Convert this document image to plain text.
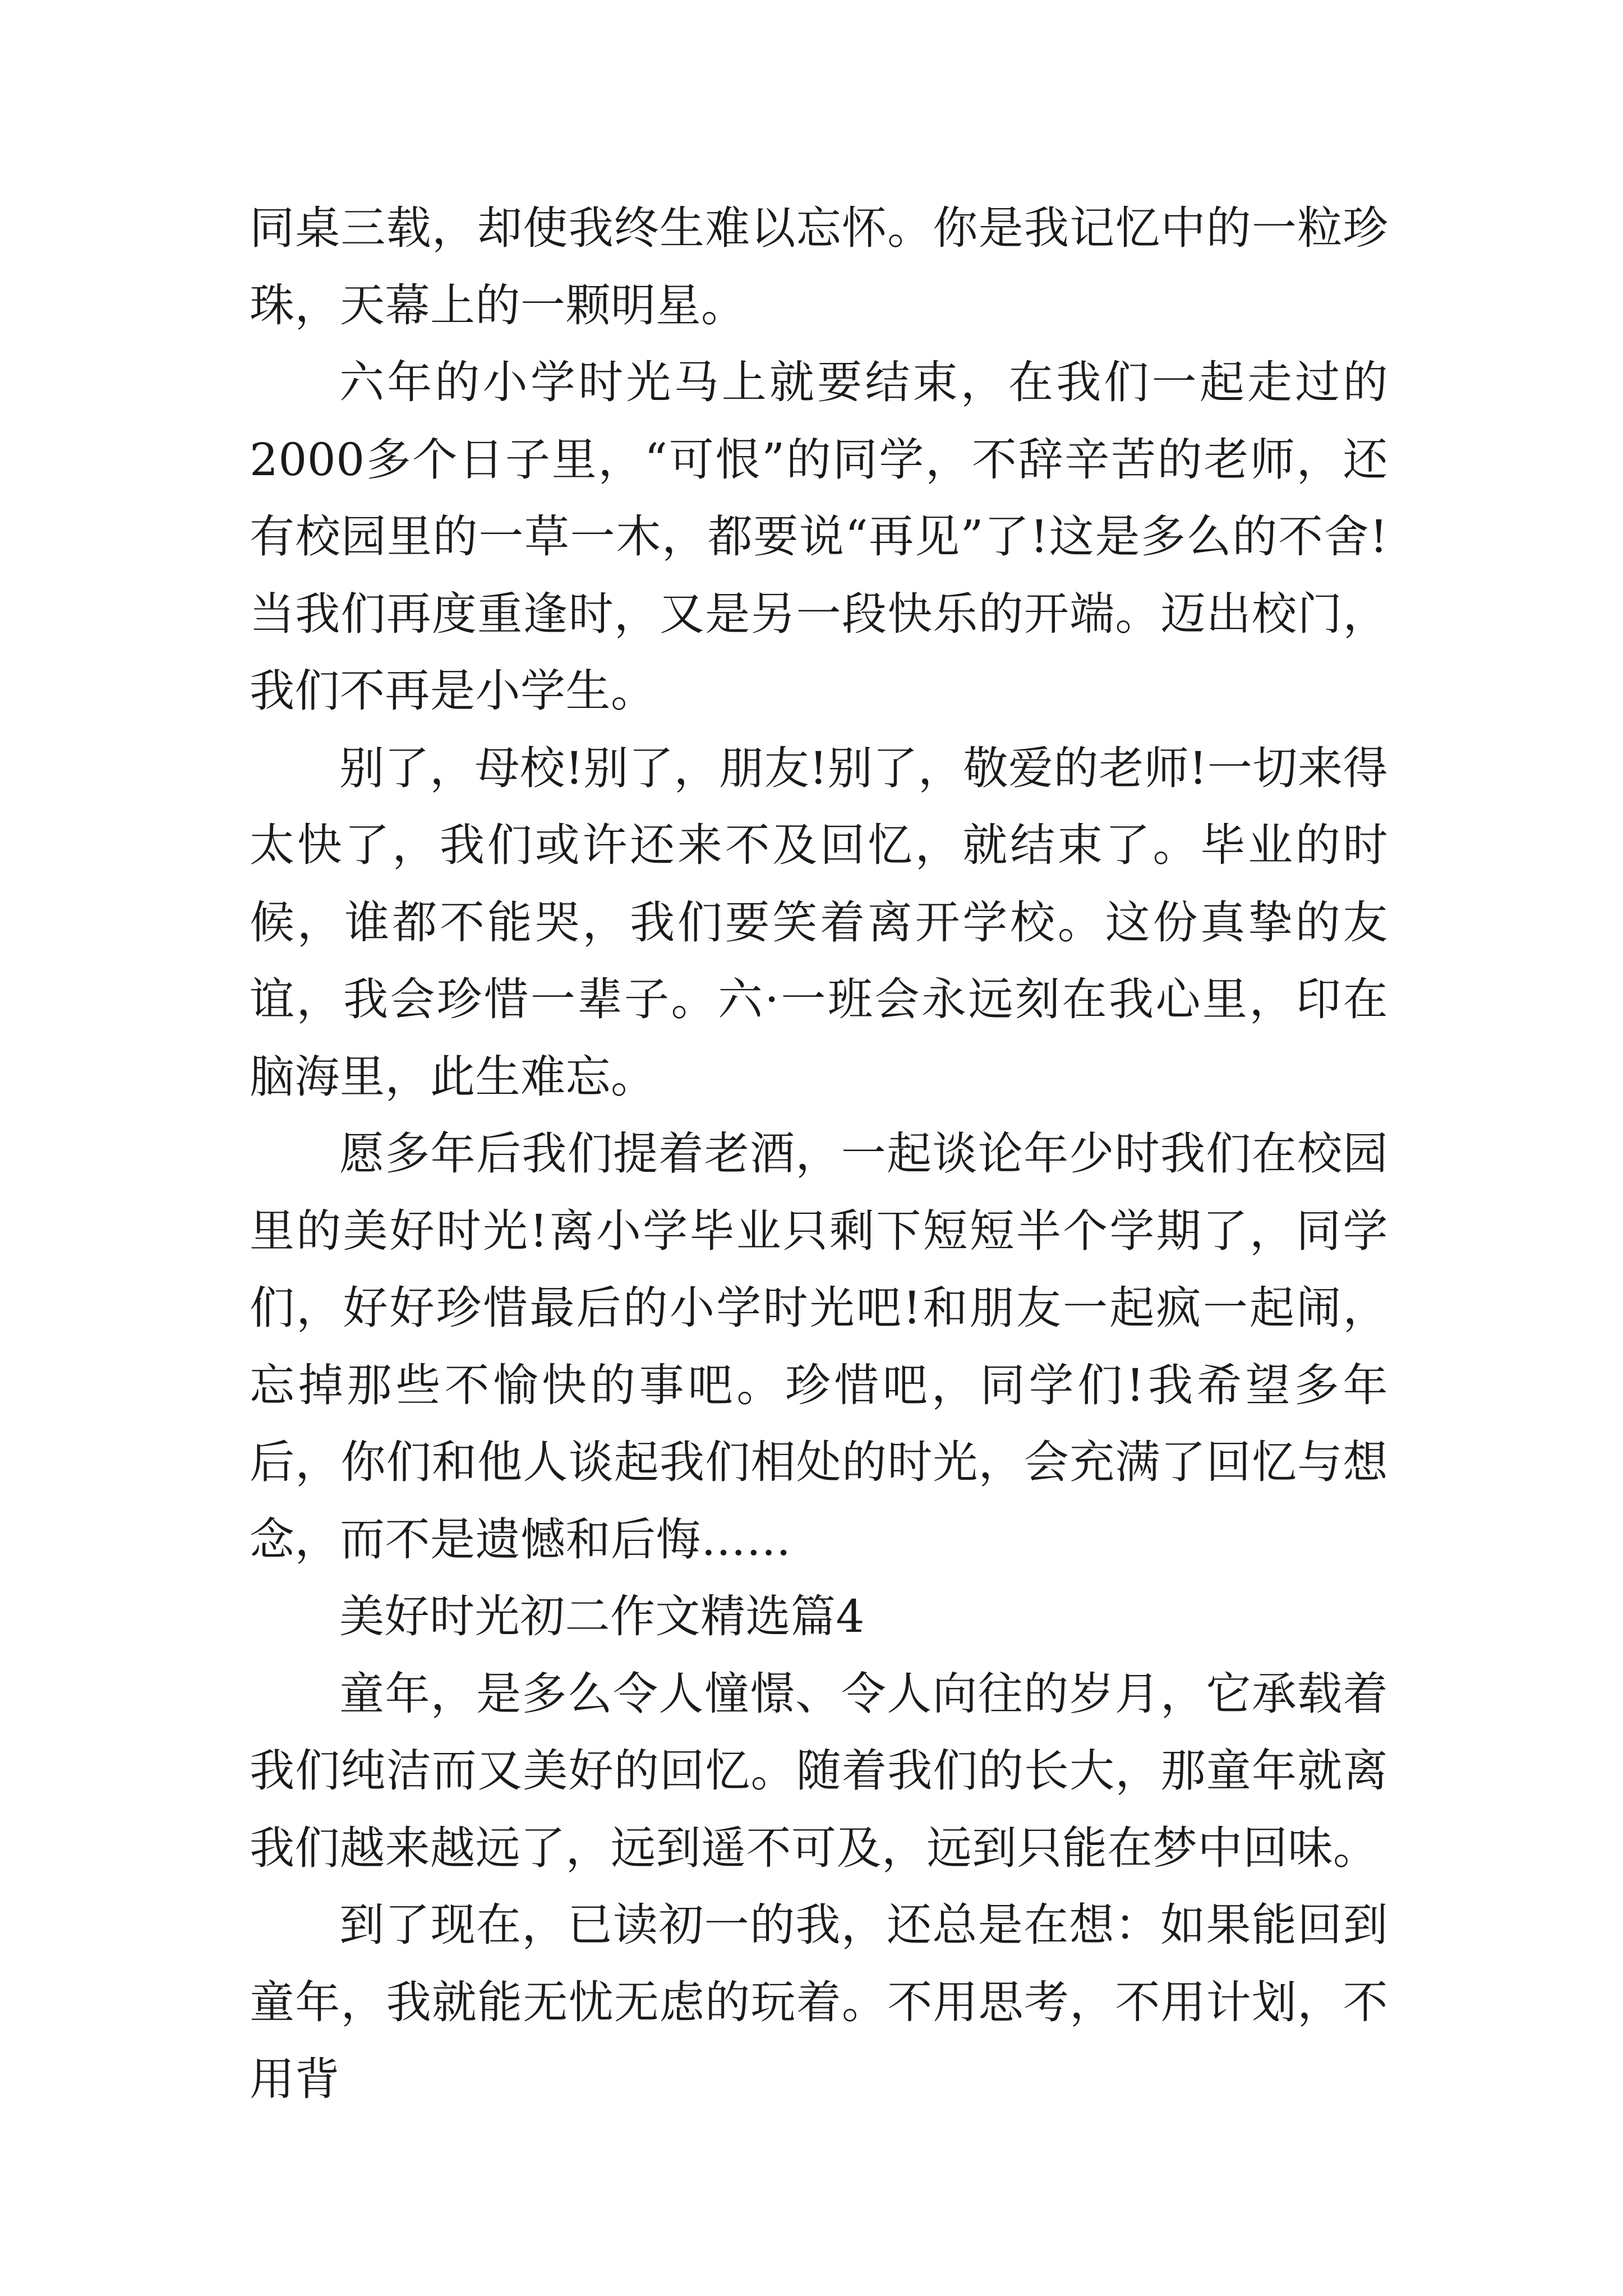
同桌三载，却使我终生难以忘怀。你是我记忆中的一粒珍珠，天幕上的一颗明星。

六年的小学时光马上就要结束，在我们一起走过的2000多个日子里，“可恨”的同学，不辞辛苦的老师，还有校园里的一草一木，都要说“再见”了!这是多么的不舍!当我们再度重逢时，又是另一段快乐的开端。迈出校门，我们不再是小学生。

别了，母校!别了，朋友!别了，敬爱的老师!一切来得太快了，我们或许还来不及回忆，就结束了。毕业的时候，谁都不能哭，我们要笑着离开学校。这份真挚的友谊，我会珍惜一辈子。六·一班会永远刻在我心里，印在脑海里，此生难忘。

愿多年后我们提着老酒，一起谈论年少时我们在校园里的美好时光!离小学毕业只剩下短短半个学期了，同学们，好好珍惜最后的小学时光吧!和朋友一起疯一起闹，忘掉那些不愉快的事吧。珍惜吧，同学们!我希望多年后，你们和他人谈起我们相处的时光，会充满了回忆与想念，而不是遗憾和后悔……

美好时光初二作文精选篇4

童年，是多么令人憧憬、令人向往的岁月，它承载着我们纯洁而又美好的回忆。随着我们的长大，那童年就离我们越来越远了，远到遥不可及，远到只能在梦中回味。

到了现在，已读初一的我，还总是在想：如果能回到童年，我就能无忧无虑的玩着。不用思考，不用计划，不用背
